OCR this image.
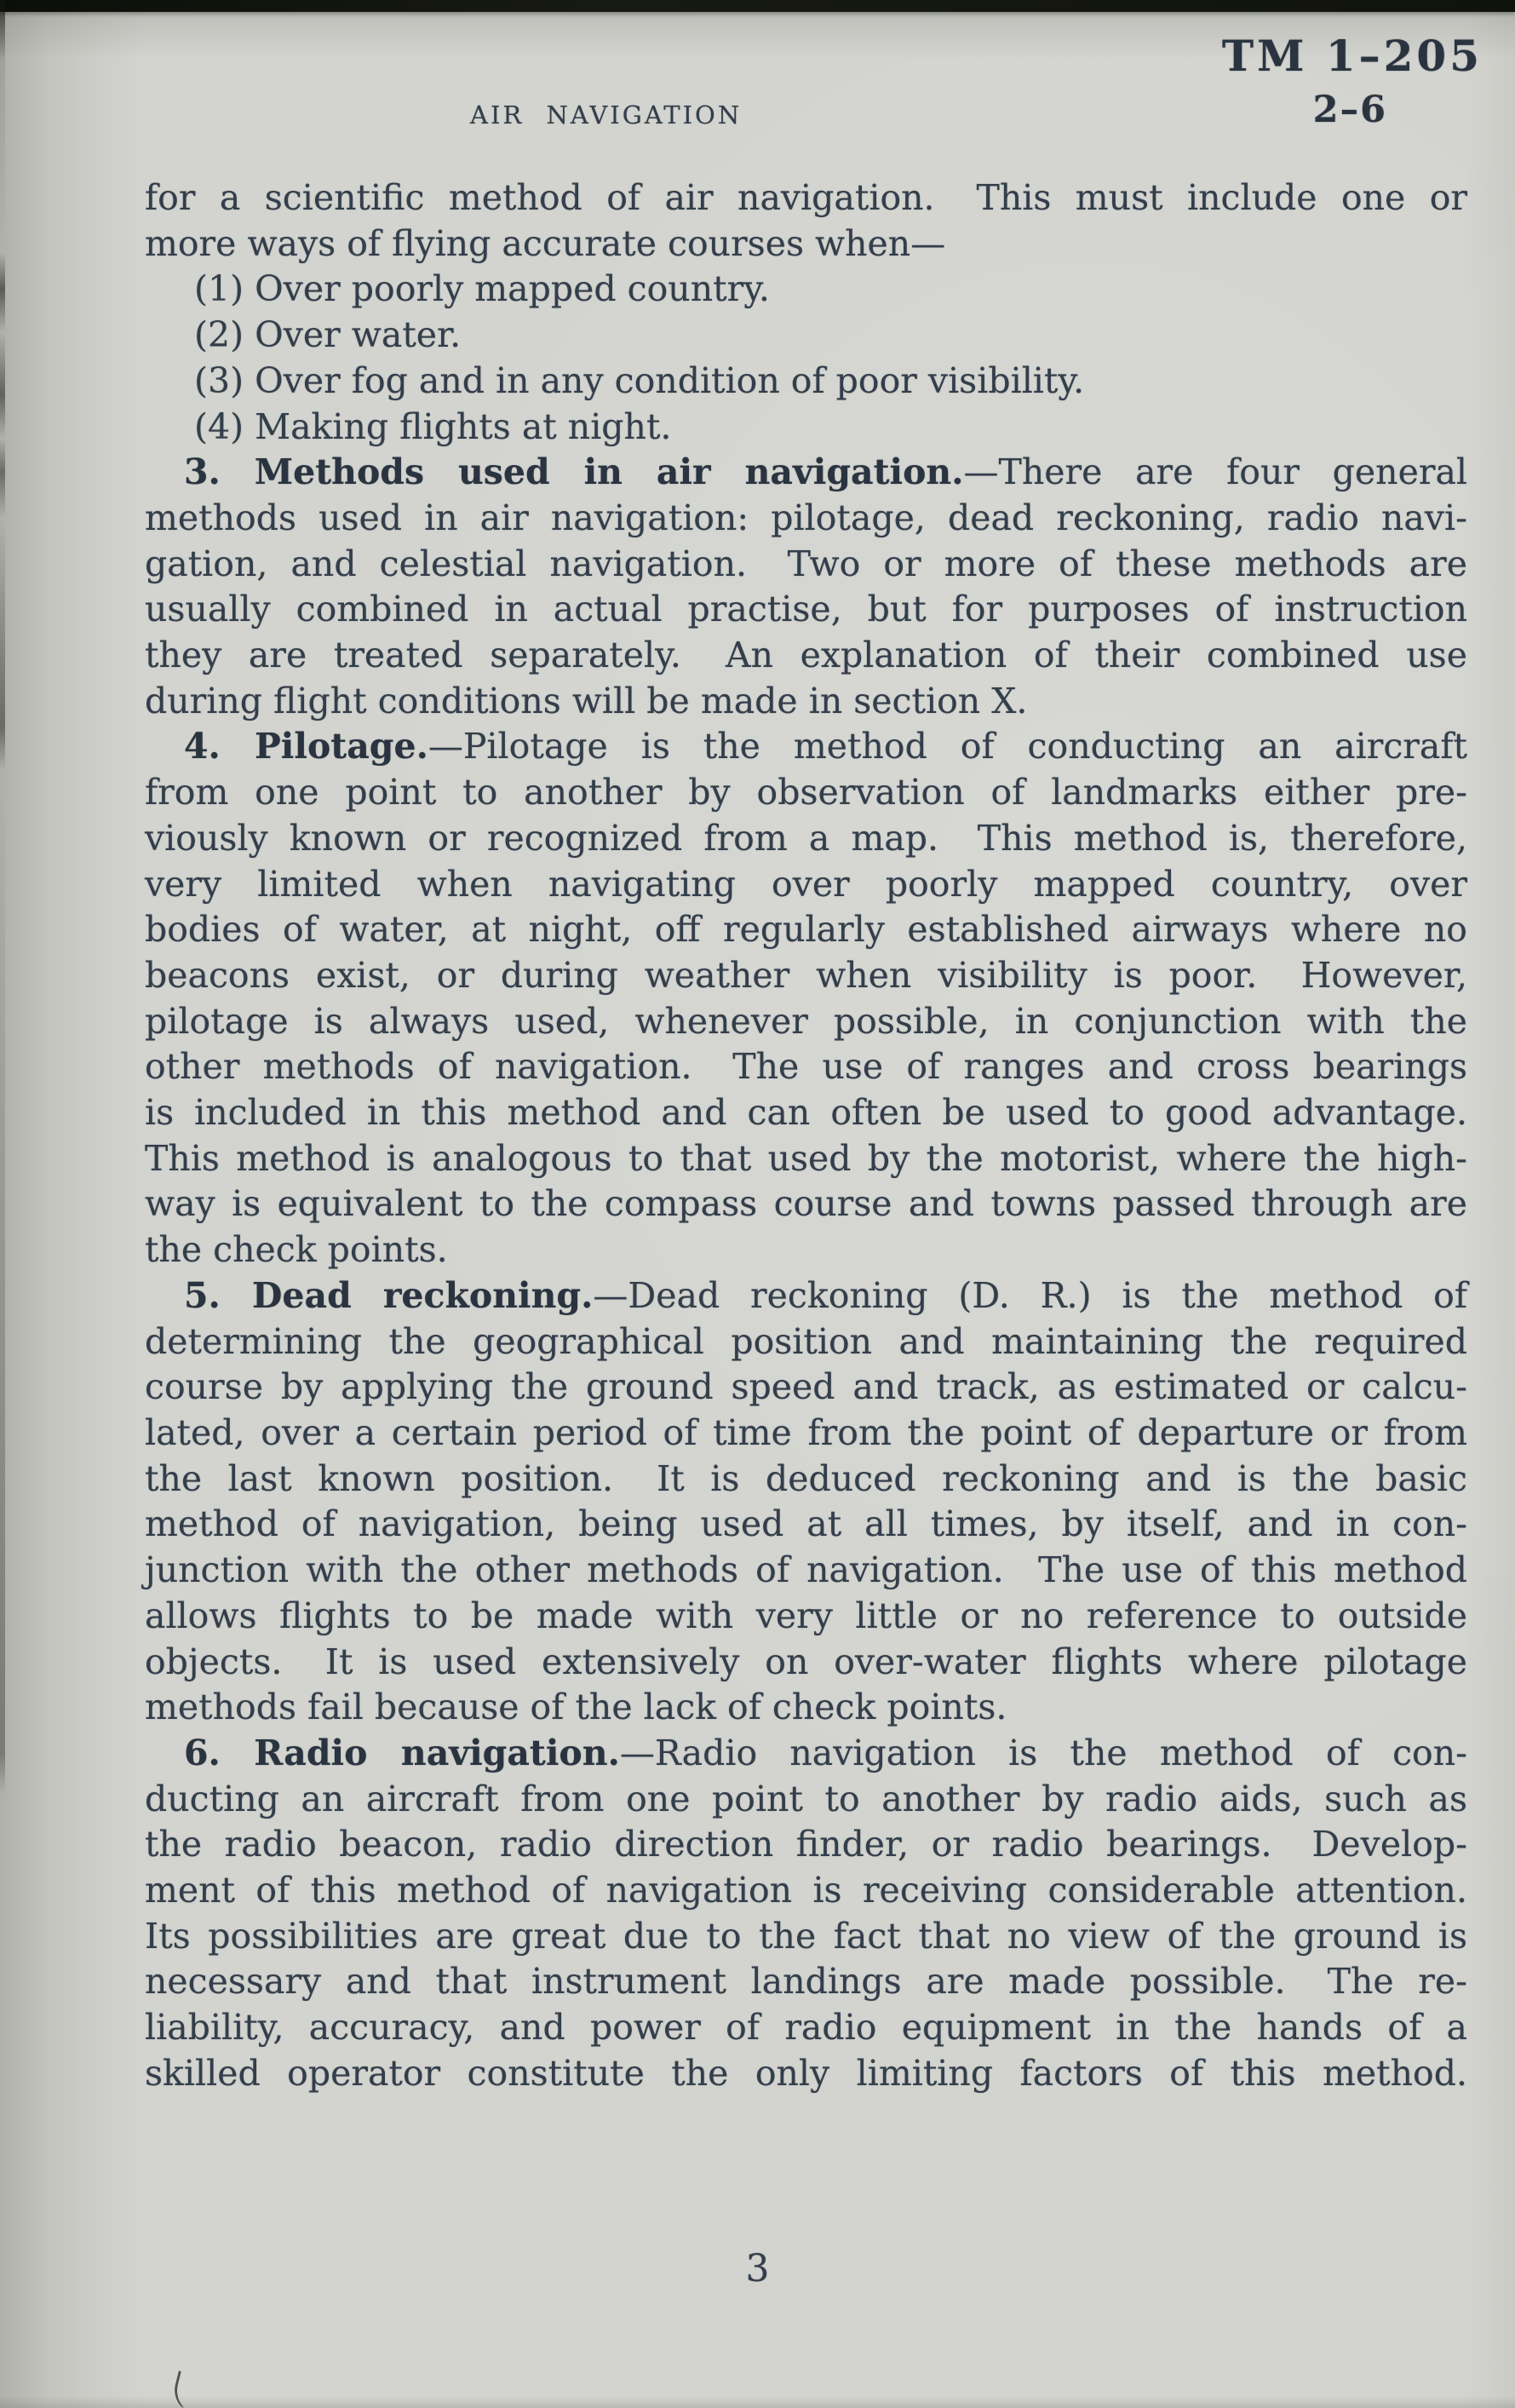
TM 1–205
2–6
AIR NAVIGATION
for a scientific method of air navigation.  This must include one or
more ways of flying accurate courses when—
(1) Over poorly mapped country.
(2) Over water.
(3) Over fog and in any condition of poor visibility.
(4) Making flights at night.
3. Methods used in air navigation.—There are four general
methods used in air navigation: pilotage, dead reckoning, radio navi-
gation, and celestial navigation.  Two or more of these methods are
usually combined in actual practise, but for purposes of instruction
they are treated separately.  An explanation of their combined use
during flight conditions will be made in section X.
4. Pilotage.—Pilotage is the method of conducting an aircraft
from one point to another by observation of landmarks either pre-
viously known or recognized from a map.  This method is, therefore,
very limited when navigating over poorly mapped country, over
bodies of water, at night, off regularly established airways where no
beacons exist, or during weather when visibility is poor.  However,
pilotage is always used, whenever possible, in conjunction with the
other methods of navigation.  The use of ranges and cross bearings
is included in this method and can often be used to good advantage.
This method is analogous to that used by the motorist, where the high-
way is equivalent to the compass course and towns passed through are
the check points.
5. Dead reckoning.—Dead reckoning (D. R.) is the method of
determining the geographical position and maintaining the required
course by applying the ground speed and track, as estimated or calcu-
lated, over a certain period of time from the point of departure or from
the last known position.  It is deduced reckoning and is the basic
method of navigation, being used at all times, by itself, and in con-
junction with the other methods of navigation.  The use of this method
allows flights to be made with very little or no reference to outside
objects.  It is used extensively on over-water flights where pilotage
methods fail because of the lack of check points.
6. Radio navigation.—Radio navigation is the method of con-
ducting an aircraft from one point to another by radio aids, such as
the radio beacon, radio direction finder, or radio bearings.  Develop-
ment of this method of navigation is receiving considerable attention.
Its possibilities are great due to the fact that no view of the ground is
necessary and that instrument landings are made possible.  The re-
liability, accuracy, and power of radio equipment in the hands of a
skilled operator constitute the only limiting factors of this method.
3
